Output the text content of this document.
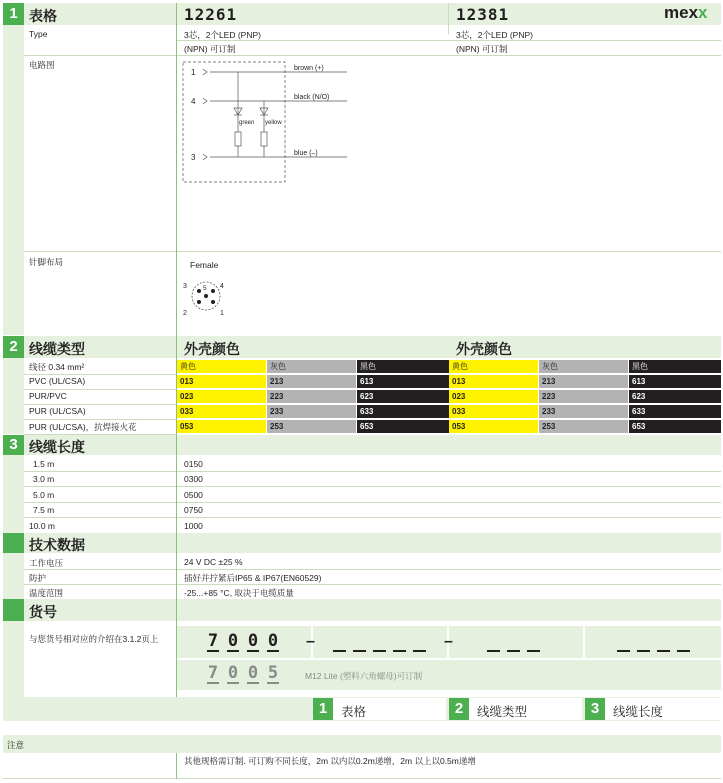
1 表格	12261	12381	mexx
Type	3芯，2个LED (PNP)
(NPN) 可订制
3芯，2个LED (PNP)
(NPN) 可订制
电路图
1
4
3
brown (+)
black (N/O)
blue (–)
green yellow
针脚布局	Female
3	4
5
2	1
2 线缆类型	外壳颜色	外壳颜色
线径 0.34 mm²	黄色	灰色	黑色	黄色	灰色	黑色
PVC (UL/CSA)	013	213	613	013	213	613
PUR/PVC	023	223	623	023	223	623
PUR (UL/CSA)	033	233	633	033	233	633
PUR (UL/CSA)，抗焊接火花	053	253	653	053	253	653
3 线缆长度
1.5 m	0150
3.0 m	0300
5.0 m	0500
7.5 m	0750
10.0 m	1000
技术数据
工作电压	24 V DC ±25 %
防护	插好并拧紧后IP65 & IP67(EN60529)
温度范围	-25...+85 °C, 取决于电缆质量
货号
与您货号相对应的介绍在3.1.2页上	7 0 0 0 –	–
7 0 0 5	M12 Lite (塑料六角螺母)可订制
1	表格	2	线缆类型	3	线缆长度
注意
其他规格需订制. 可订购不同长度，2m 以内以0.2m递增，2m 以上以0.5m递增
